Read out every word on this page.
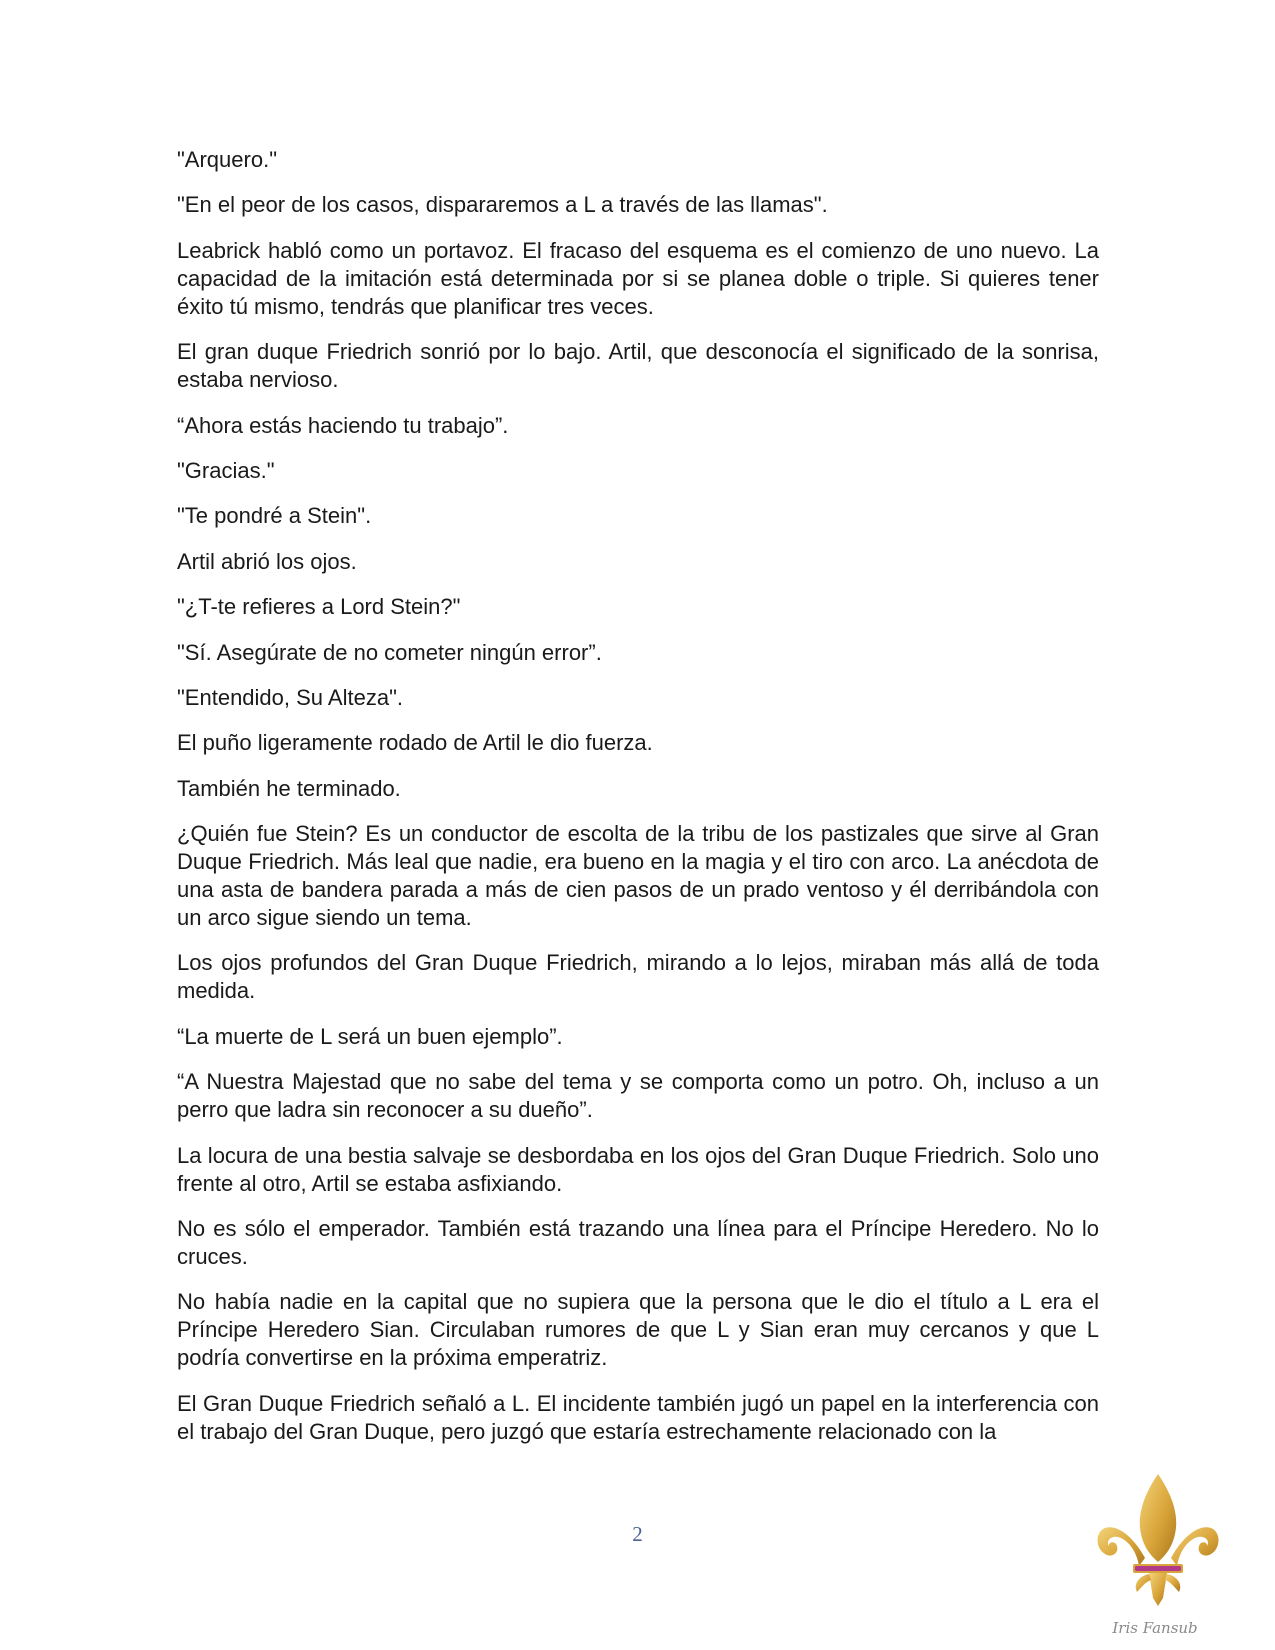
"Arquero."

"En el peor de los casos, dispararemos a L a través de las llamas".

Leabrick habló como un portavoz. El fracaso del esquema es el comienzo de uno nuevo. La capacidad de la imitación está determinada por si se planea doble o triple. Si quieres tener éxito tú mismo, tendrás que planificar tres veces.

El gran duque Friedrich sonrió por lo bajo. Artil, que desconocía el significado de la sonrisa, estaba nervioso.

“Ahora estás haciendo tu trabajo”.

"Gracias."

"Te pondré a Stein".

Artil abrió los ojos.

"¿T-te refieres a Lord Stein?"

"Sí. Asegúrate de no cometer ningún error”.

"Entendido, Su Alteza".

El puño ligeramente rodado de Artil le dio fuerza.

También he terminado.

¿Quién fue Stein? Es un conductor de escolta de la tribu de los pastizales que sirve al Gran Duque Friedrich. Más leal que nadie, era bueno en la magia y el tiro con arco. La anécdota de una asta de bandera parada a más de cien pasos de un prado ventoso y él derribándola con un arco sigue siendo un tema.

Los ojos profundos del Gran Duque Friedrich, mirando a lo lejos, miraban más allá de toda medida.

“La muerte de L será un buen ejemplo”.

“A Nuestra Majestad que no sabe del tema y se comporta como un potro. Oh, incluso a un perro que ladra sin reconocer a su dueño”.

La locura de una bestia salvaje se desbordaba en los ojos del Gran Duque Friedrich. Solo uno frente al otro, Artil se estaba asfixiando.

No es sólo el emperador. También está trazando una línea para el Príncipe Heredero. No lo cruces.

No había nadie en la capital que no supiera que la persona que le dio el título a L era el Príncipe Heredero Sian. Circulaban rumores de que L y Sian eran muy cercanos y que L podría convertirse en la próxima emperatriz.

El Gran Duque Friedrich señaló a L. El incidente también jugó un papel en la interferencia con el trabajo del Gran Duque, pero juzgó que estaría estrechamente relacionado con la

2
Iris Fansub
